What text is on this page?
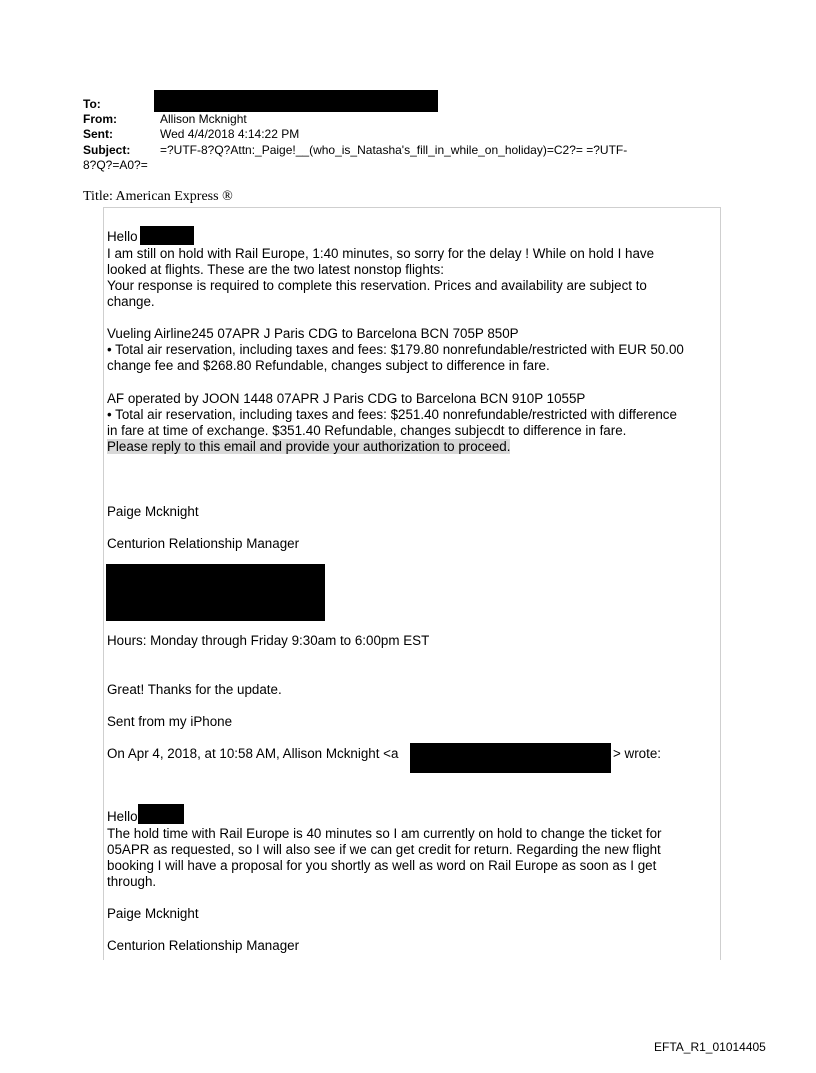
To:
From:	Allison Mcknight
Sent:	Wed 4/4/2018 4:14:22 PM
Subject: =?UTF-8?Q?Attn:_Paige!__(who_is_Natasha's_fill_in_while_on_holiday)=C2?= =?UTF-
8?Q?=A0?=
Title: American Express ®
Hello
I am still on hold with Rail Europe, 1:40 minutes, so sorry for the delay ! While on hold I have
looked at flights. These are the two latest nonstop flights:
Your response is required to complete this reservation. Prices and availability are subject to
change.
Vueling Airline245 07APR J Paris CDG to Barcelona BCN 705P 850P
• Total air reservation, including taxes and fees: $179.80 nonrefundable/restricted with EUR 50.00
change fee and $268.80 Refundable, changes subject to difference in fare.
AF operated by JOON 1448 07APR J Paris CDG to Barcelona BCN 910P 1055P
• Total air reservation, including taxes and fees: $251.40 nonrefundable/restricted with difference
in fare at time of exchange. $351.40 Refundable, changes subjecdt to difference in fare.
Please reply to this email and provide your authorization to proceed.
Paige Mcknight
Centurion Relationship Manager
Hours: Monday through Friday 9:30am to 6:00pm EST
Great! Thanks for the update.
Sent from my iPhone
On Apr 4, 2018, at 10:58 AM, Allison Mcknight <a	> wrote:
Hello
The hold time with Rail Europe is 40 minutes so I am currently on hold to change the ticket for
05APR as requested, so I will also see if we can get credit for return. Regarding the new flight
booking I will have a proposal for you shortly as well as word on Rail Europe as soon as I get
through.
Paige Mcknight
Centurion Relationship Manager
EFTA_R1_01014405
